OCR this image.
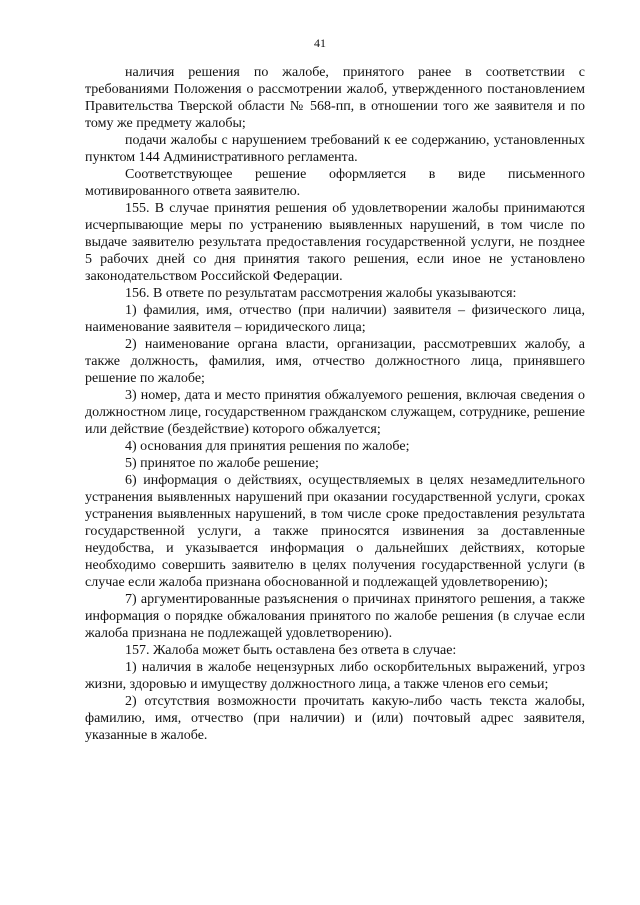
41

наличия решения по жалобе, принятого ранее в соответствии с требованиями Положения о рассмотрении жалоб, утвержденного постановлением Правительства Тверской области № 568-пп, в отношении того же заявителя и по тому же предмету жалобы;

подачи жалобы с нарушением требований к ее содержанию, установленных пунктом 144 Административного регламента.

Соответствующее решение оформляется в виде письменного мотивированного ответа заявителю.

155. В случае принятия решения об удовлетворении жалобы принимаются исчерпывающие меры по устранению выявленных нарушений, в том числе по выдаче заявителю результата предоставления государственной услуги, не позднее 5 рабочих дней со дня принятия такого решения, если иное не установлено законодательством Российской Федерации.

156. В ответе по результатам рассмотрения жалобы указываются:

1) фамилия, имя, отчество (при наличии) заявителя – физического лица, наименование заявителя – юридического лица;

2) наименование органа власти, организации, рассмотревших жалобу, а также должность, фамилия, имя, отчество должностного лица, принявшего решение по жалобе;

3) номер, дата и место принятия обжалуемого решения, включая сведения о должностном лице, государственном гражданском служащем, сотруднике, решение или действие (бездействие) которого обжалуется;

4) основания для принятия решения по жалобе;

5) принятое по жалобе решение;

6) информация о действиях, осуществляемых в целях незамедлительного устранения выявленных нарушений при оказании государственной услуги, сроках устранения выявленных нарушений, в том числе сроке предоставления результата государственной услуги, а также приносятся извинения за доставленные неудобства, и указывается информация о дальнейших действиях, которые необходимо совершить заявителю в целях получения государственной услуги (в случае если жалоба признана обоснованной и подлежащей удовлетворению);

7) аргументированные разъяснения о причинах принятого решения, а также информация о порядке обжалования принятого по жалобе решения (в случае если жалоба признана не подлежащей удовлетворению).

157. Жалоба может быть оставлена без ответа в случае:

1) наличия в жалобе нецензурных либо оскорбительных выражений, угроз жизни, здоровью и имуществу должностного лица, а также членов его семьи;

2) отсутствия возможности прочитать какую-либо часть текста жалобы, фамилию, имя, отчество (при наличии) и (или) почтовый адрес заявителя, указанные в жалобе.
